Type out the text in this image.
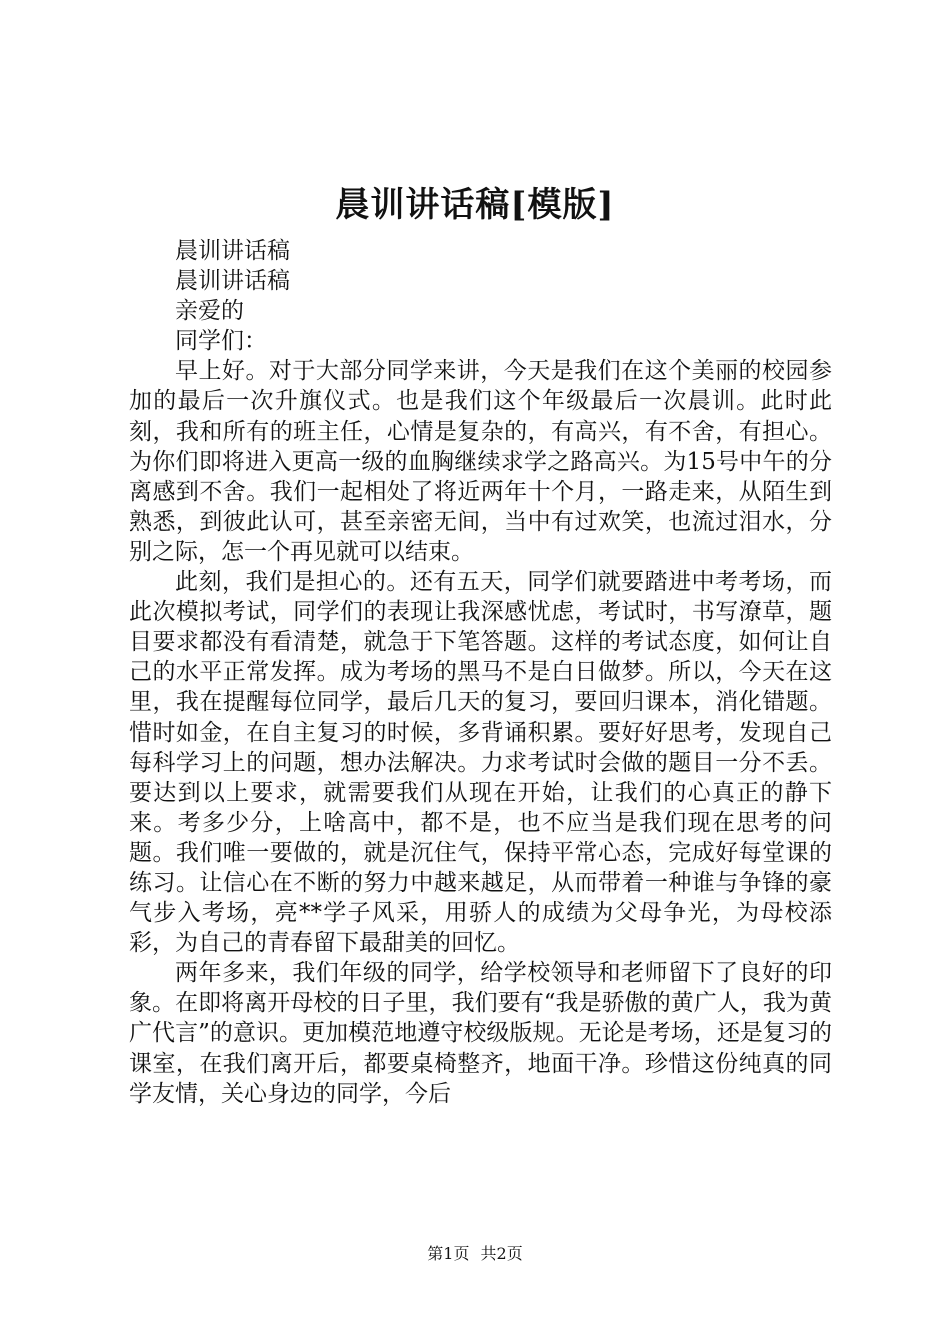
晨训讲话稿[模版]

晨训讲话稿

晨训讲话稿

亲爱的

同学们：

早上好。对于大部分同学来讲，今天是我们在这个美丽的校园参加的最后一次升旗仪式。也是我们这个年级最后一次晨训。此时此刻，我和所有的班主任，心情是复杂的，有高兴，有不舍，有担心。为你们即将进入更高一级的血胸继续求学之路高兴。为15号中午的分离感到不舍。我们一起相处了将近两年十个月，一路走来，从陌生到熟悉，到彼此认可，甚至亲密无间，当中有过欢笑，也流过泪水，分别之际，怎一个再见就可以结束。

此刻，我们是担心的。还有五天，同学们就要踏进中考考场，而此次模拟考试，同学们的表现让我深感忧虑，考试时，书写潦草，题目要求都没有看清楚，就急于下笔答题。这样的考试态度，如何让自己的水平正常发挥。成为考场的黑马不是白日做梦。所以，今天在这里，我在提醒每位同学，最后几天的复习，要回归课本，消化错题。惜时如金，在自主复习的时候，多背诵积累。要好好思考，发现自己每科学习上的问题，想办法解决。力求考试时会做的题目一分不丢。要达到以上要求，就需要我们从现在开始，让我们的心真正的静下来。考多少分，上啥高中，都不是，也不应当是我们现在思考的问题。我们唯一要做的，就是沉住气，保持平常心态，完成好每堂课的练习。让信心在不断的努力中越来越足，从而带着一种谁与争锋的豪气步入考场，亮**学子风采，用骄人的成绩为父母争光，为母校添彩，为自己的青春留下最甜美的回忆。

两年多来，我们年级的同学，给学校领导和老师留下了良好的印象。在即将离开母校的日子里，我们要有“我是骄傲的黄广人，我为黄广代言”的意识。更加模范地遵守校级版规。无论是考场，还是复习的课室，在我们离开后，都要桌椅整齐，地面干净。珍惜这份纯真的同学友情，关心身边的同学，今后

第1页 共2页
